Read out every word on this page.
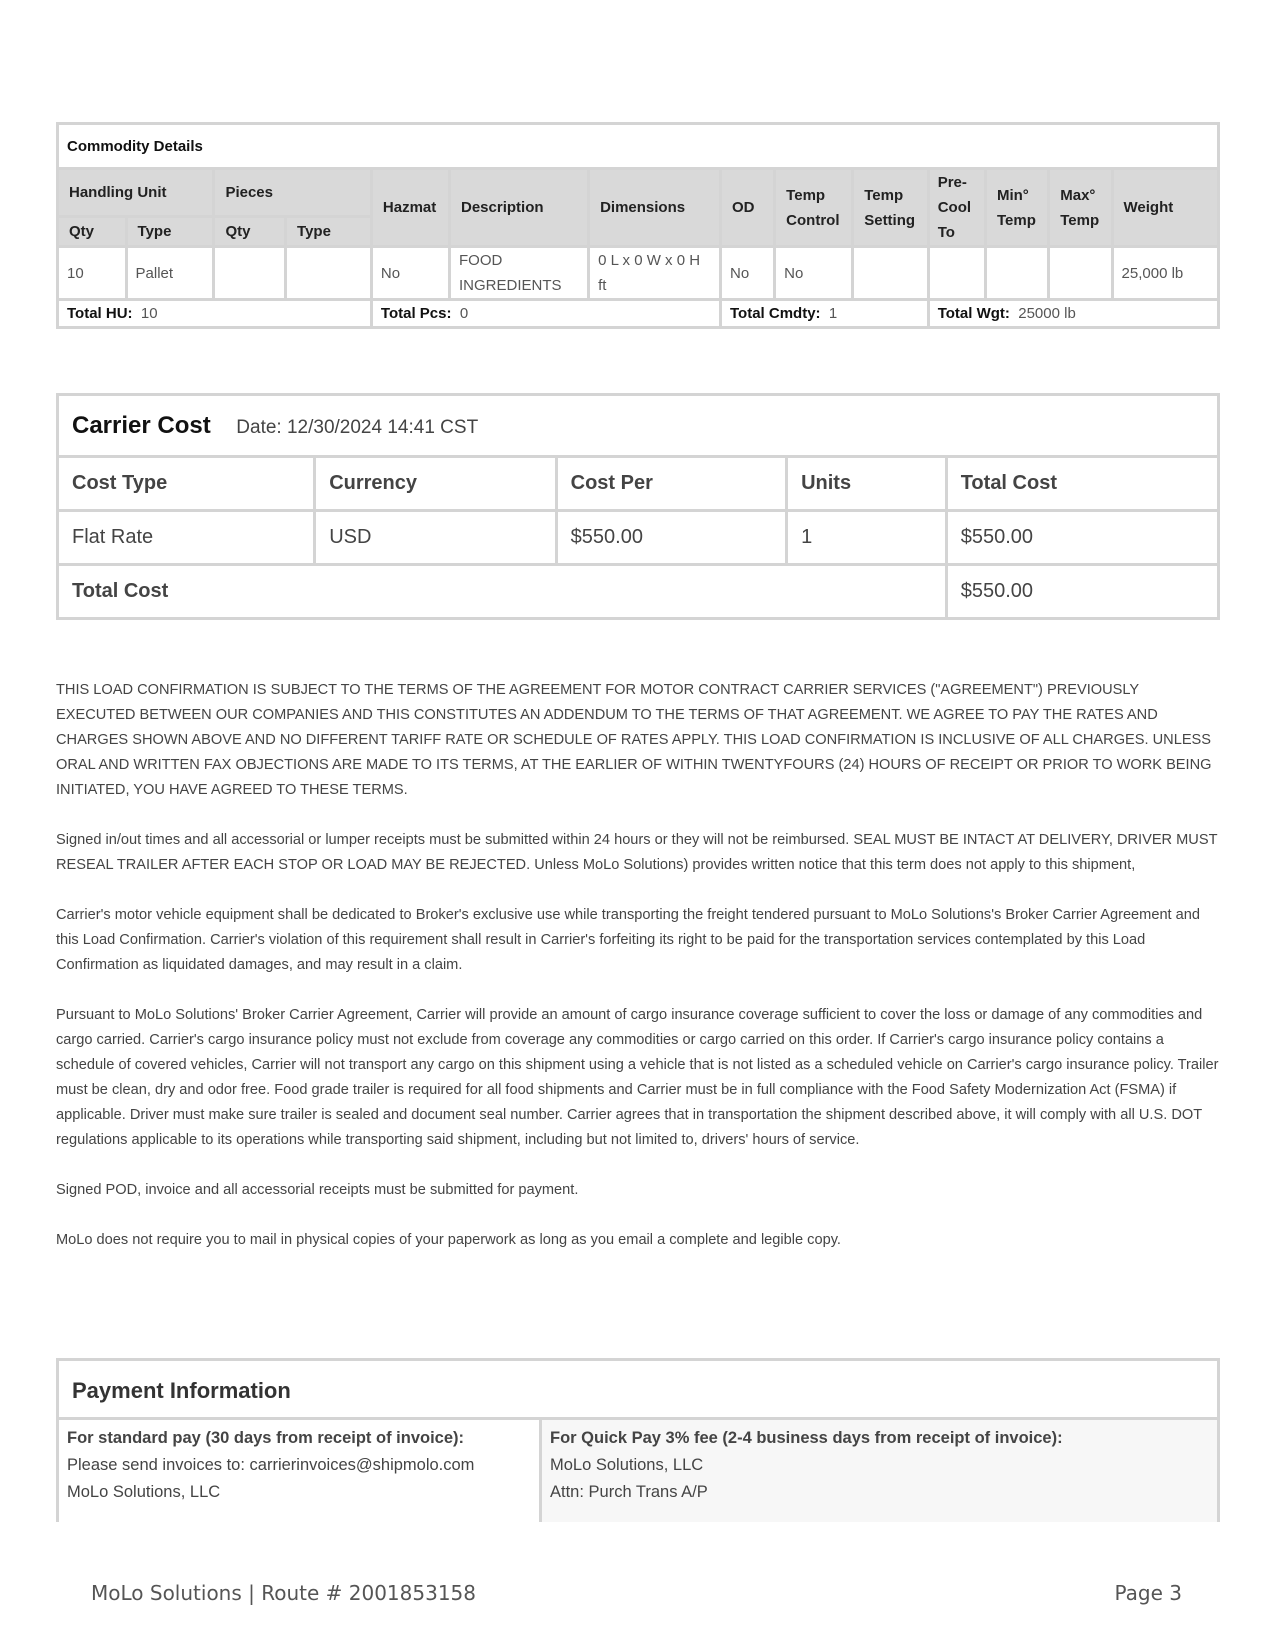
Commodity Details													
Handling Unit		Pieces		Hazmat	Description	Dimensions	OD	Temp Control	Temp Setting	Pre-Cool To	Min° Temp	Max° Temp	Weight
Qty	Type	Qty	Type										
10	Pallet			No	FOOD INGREDIENTS	0 L x 0 W x 0 H ft	No	No					25,000 lb
Total HU: 10				Total Pcs: 0			Total Cmdty: 1			Total Wgt: 25000 lb			
Carrier Cost Date: 12/30/2024 14:41 CST				
Cost Type	Currency	Cost Per	Units	Total Cost
Flat Rate	USD	$550.00	1	$550.00
Total Cost				$550.00

THIS LOAD CONFIRMATION IS SUBJECT TO THE TERMS OF THE AGREEMENT FOR MOTOR CONTRACT CARRIER SERVICES ("AGREEMENT") PREVIOUSLY EXECUTED BETWEEN OUR COMPANIES AND THIS CONSTITUTES AN ADDENDUM TO THE TERMS OF THAT AGREEMENT. WE AGREE TO PAY THE RATES AND CHARGES SHOWN ABOVE AND NO DIFFERENT TARIFF RATE OR SCHEDULE OF RATES APPLY. THIS LOAD CONFIRMATION IS INCLUSIVE OF ALL CHARGES. UNLESS ORAL AND WRITTEN FAX OBJECTIONS ARE MADE TO ITS TERMS, AT THE EARLIER OF WITHIN TWENTYFOURS (24) HOURS OF RECEIPT OR PRIOR TO WORK BEING INITIATED, YOU HAVE AGREED TO THESE TERMS.

Signed in/out times and all accessorial or lumper receipts must be submitted within 24 hours or they will not be reimbursed. SEAL MUST BE INTACT AT DELIVERY, DRIVER MUST RESEAL TRAILER AFTER EACH STOP OR LOAD MAY BE REJECTED. Unless MoLo Solutions) provides written notice that this term does not apply to this shipment,

Carrier's motor vehicle equipment shall be dedicated to Broker's exclusive use while transporting the freight tendered pursuant to MoLo Solutions's Broker Carrier Agreement and this Load Confirmation. Carrier's violation of this requirement shall result in Carrier's forfeiting its right to be paid for the transportation services contemplated by this Load Confirmation as liquidated damages, and may result in a claim.

Pursuant to MoLo Solutions' Broker Carrier Agreement, Carrier will provide an amount of cargo insurance coverage sufficient to cover the loss or damage of any commodities and cargo carried. Carrier's cargo insurance policy must not exclude from coverage any commodities or cargo carried on this order. If Carrier's cargo insurance policy contains a schedule of covered vehicles, Carrier will not transport any cargo on this shipment using a vehicle that is not listed as a scheduled vehicle on Carrier's cargo insurance policy. Trailer must be clean, dry and odor free. Food grade trailer is required for all food shipments and Carrier must be in full compliance with the Food Safety Modernization Act (FSMA) if applicable. Driver must make sure trailer is sealed and document seal number. Carrier agrees that in transportation the shipment described above, it will comply with all U.S. DOT regulations applicable to its operations while transporting said shipment, including but not limited to, drivers' hours of service.

Signed POD, invoice and all accessorial receipts must be submitted for payment.

MoLo does not require you to mail in physical copies of your paperwork as long as you email a complete and legible copy.

Payment Information
For standard pay (30 days from receipt of invoice):
Please send invoices to: carrierinvoices@shipmolo.com
MoLo Solutions, LLC
For Quick Pay 3% fee (2-4 business days from receipt of invoice):
MoLo Solutions, LLC
Attn: Purch Trans A/P
MoLo Solutions | Route # 2001853158	Page 3
